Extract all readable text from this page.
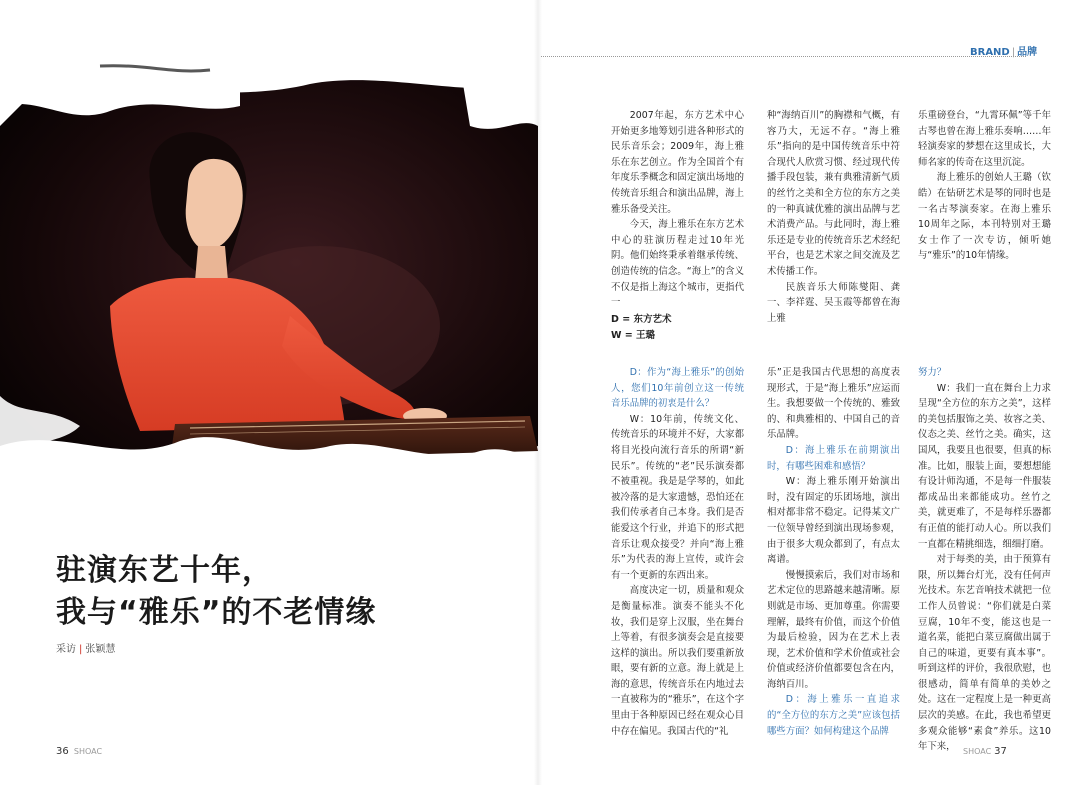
驻演东艺十年，
我与“雅乐”的不老情缘
采访 | 张颖慧
36 SHOAC
BRAND | 品牌

2007年起，东方艺术中心开始更多地筹划引进各种形式的民乐音乐会；2009年，海上雅乐在东艺创立。作为全国首个有年度乐季概念和固定演出场地的传统音乐组合和演出品牌，海上雅乐备受关注。

今天，海上雅乐在东方艺术中心的驻演历程走过10年光阴。他们始终秉承着继承传统、创造传统的信念。“海上”的含义不仅是指上海这个城市，更指代一

种“海纳百川”的胸襟和气概，有容乃大，无远不存。“海上雅乐”指向的是中国传统音乐中符合现代人欣赏习惯、经过现代传播手段包装，兼有典雅清新气质的丝竹之美和全方位的东方之美的一种真诚优雅的演出品牌与艺术消费产品。与此同时，海上雅乐还是专业的传统音乐艺术经纪平台，也是艺术家之间交流及艺术传播工作。

民族音乐大师陈燮阳、龚一、李祥霆、吴玉霞等都曾在海上雅

乐重磅登台，“九霄环佩”等千年古琴也曾在海上雅乐奏响……年轻演奏家的梦想在这里成长，大师名家的传奇在这里沉淀。

海上雅乐的创始人王璐（钦皓）在钻研艺术是琴的同时也是一名古琴演奏家。在海上雅乐10周年之际，本刊特别对王璐女士作了一次专访，倾听她与“雅乐”的10年情缘。

D = 东方艺术
W = 王璐

D：作为“海上雅乐”的创始人，您们10年前创立这一传统音乐品牌的初衷是什么？

W：10年前，传统文化、传统音乐的环境并不好，大家都将目光投向流行音乐的所谓“新民乐”。传统的“老”民乐演奏都不被重视。我是是学琴的，如此被冷落的是大家遗憾，恐怕还在我们传承者自己本身。我们是否能爱这个行业，并追下的形式把音乐让观众接受？并向“海上雅乐”为代表的海上宣传，或许会有一个更新的东西出来。

高度决定一切，质量和观众是衡量标准。演奏不能头不化妆，我们是穿上汉服，坐在舞台上等着，有很多演奏会是直接要这样的演出。所以我们要重新放眼，要有新的立意。海上就是上海的意思，传统音乐在内地过去一直被称为的“雅乐”，在这个字里由于各种原因已经在观众心目中存在偏见。我国古代的“礼

乐”正是我国古代思想的高度表现形式，于是“海上雅乐”应运而生。我想要做一个传统的、雅致的、和典雅相的、中国自己的音乐品牌。

D：海上雅乐在前期演出时，有哪些困难和感悟？

W：海上雅乐刚开始演出时，没有固定的乐团场地，演出相对都非常不稳定。记得某文广一位领导曾经到演出现场参观，由于很多大观众都到了，有点太离谱。

慢慢摸索后，我们对市场和艺术定位的思路越来越清晰。原则就是市场、更加尊重。你需要理解，最终有价值，而这个价值为最后检验，因为在艺术上表现，艺术价值和学术价值或社会价值或经济价值都要包含在内，海纳百川。

D：海上雅乐一直追求的“全方位的东方之美”应该包括哪些方面？如何构建这个品牌

努力？

W：我们一直在舞台上力求呈现“全方位的东方之美”，这样的美包括服饰之美、妆容之美、仪态之美、丝竹之美。确实，这国风，我要且也很要，但真的标准。比如，服装上面，要想想能有设计师沟通，不是每一件服装都成品出来都能成功。丝竹之美，就更难了，不是每样乐器都有正值的能打动人心。所以我们一直都在精挑细选，细细打磨。

对于每类的美，由于预算有限，所以舞台灯光，没有任何声光技术。东艺音响技术就把一位工作人员曾说：“你们就是白菜豆腐，10年不变，能这也是一道名菜，能把白菜豆腐做出属于自己的味道，更要有真本事”。听到这样的评价，我很欣慰，也很感动，简单有简单的美妙之处。这在一定程度上是一种更高层次的美感。在此，我也希望更多观众能够“素食”养乐。这10年下来， SHOAC 37
